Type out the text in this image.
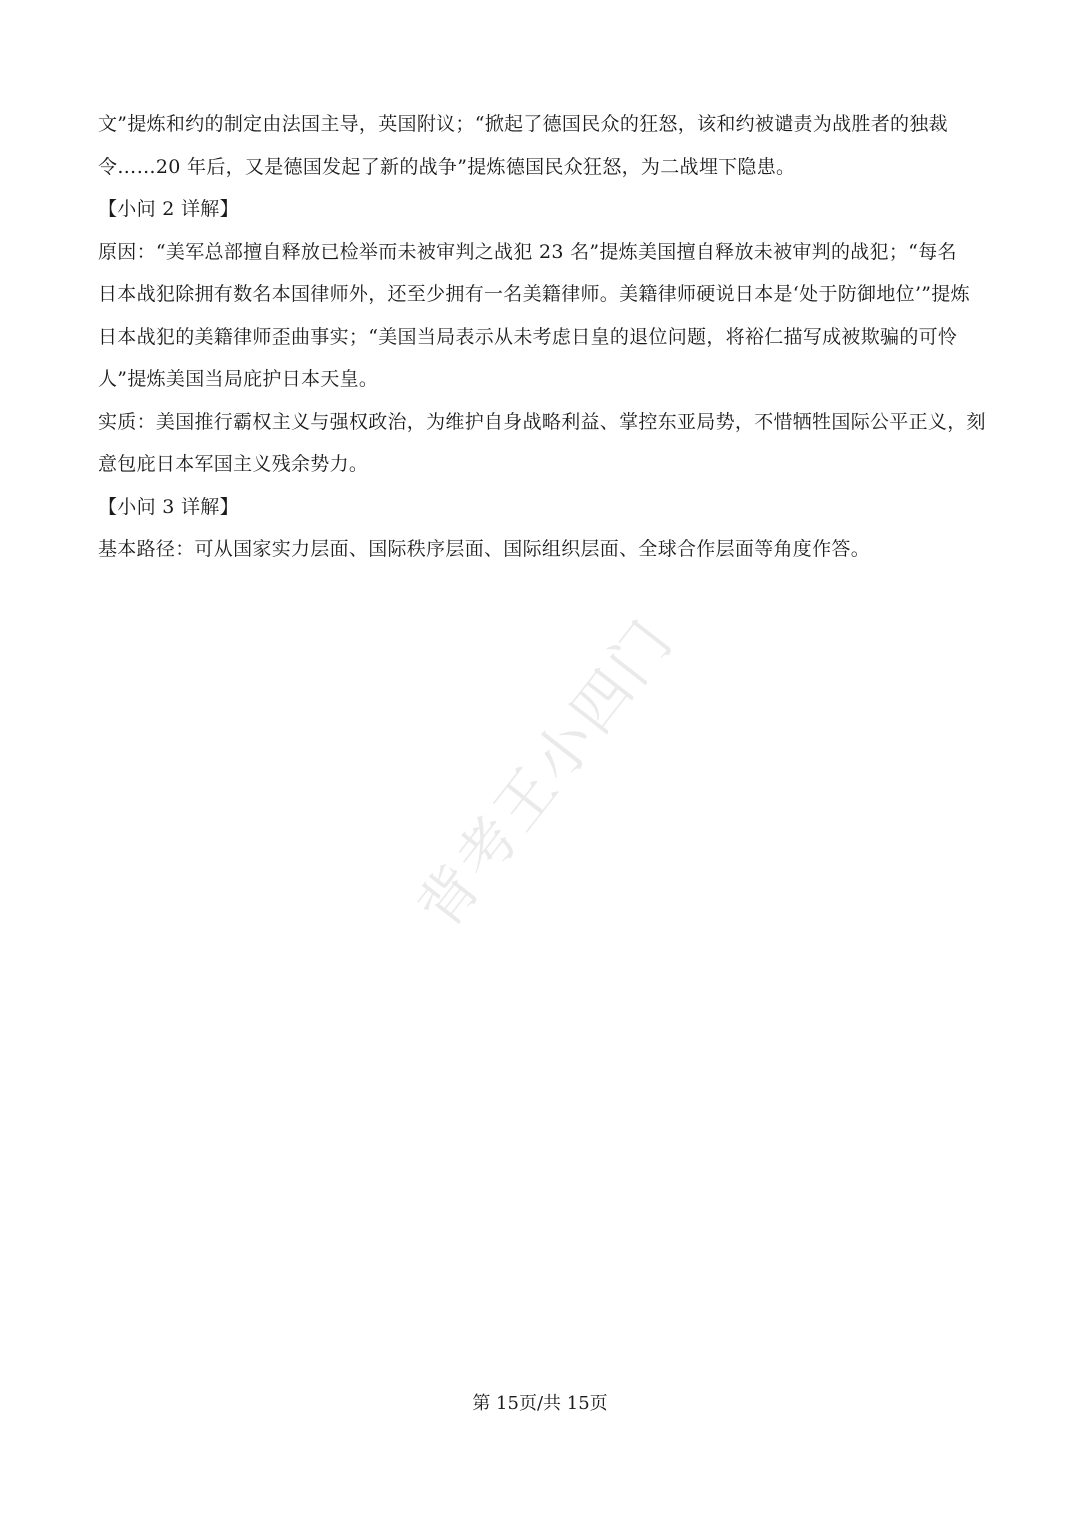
文”提炼和约的制定由法国主导，英国附议；“掀起了德国民众的狂怒，该和约被谴责为战胜者的独裁
令……20 年后，又是德国发起了新的战争”提炼德国民众狂怒，为二战埋下隐患。
【小问 2 详解】
原因：“美军总部擅自释放已检举而未被审判之战犯 23 名”提炼美国擅自释放未被审判的战犯；“每名
日本战犯除拥有数名本国律师外，还至少拥有一名美籍律师。美籍律师硬说日本是‘处于防御地位’”提炼
日本战犯的美籍律师歪曲事实；“美国当局表示从未考虑日皇的退位问题，将裕仁描写成被欺骗的可怜
人”提炼美国当局庇护日本天皇。
实质：美国推行霸权主义与强权政治，为维护自身战略利益、掌控东亚局势，不惜牺牲国际公平正义，刻
意包庇日本军国主义残余势力。
【小问 3 详解】
基本路径：可从国家实力层面、国际秩序层面、国际组织层面、全球合作层面等角度作答。
背考王小四门
第 15页/共 15页
